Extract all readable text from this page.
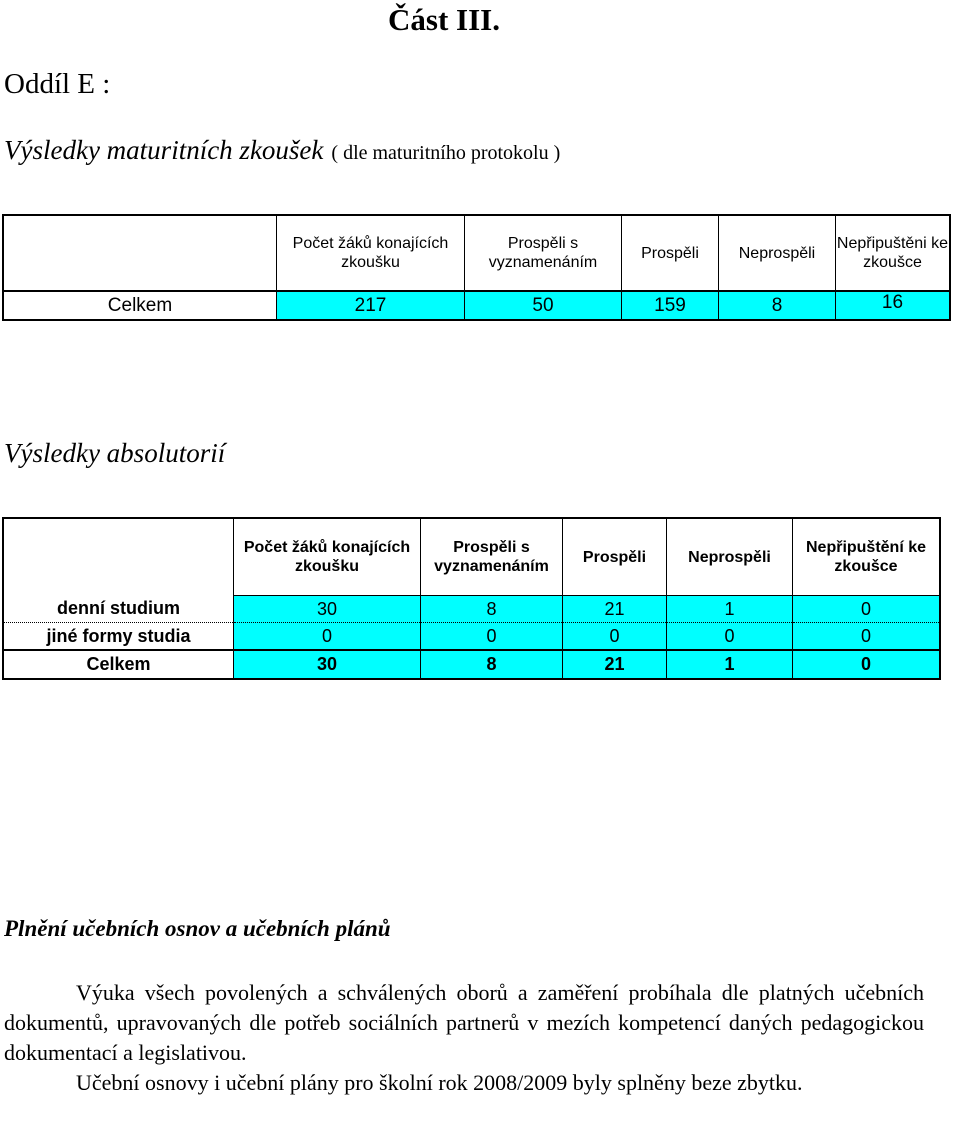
Část III.
Oddíl E :
Výsledky maturitních zkoušek ( dle maturitního protokolu )
	Počet žáků konajících zkoušku	Prospěli s vyznamenáním	Prospěli	Neprospěli	Nepřipuštěni ke zkoušce
Celkem	217	50	159	8	16
Výsledky absolutorií
	Počet žáků konajících zkoušku	Prospěli s vyznamenáním	Prospěli	Neprospěli	Nepřipuštění ke zkoušce
denní studium	30	8	21	1	0
jiné formy studia	0	0	0	0	0
Celkem	30	8	21	1	0
Plnění učebních osnov a učebních plánů
Výuka všech povolených a schválených oborů a zaměření probíhala dle platných učebních dokumentů, upravovaných dle potřeb sociálních partnerů v mezích kompetencí daných pedagogickou dokumentací a legislativou.
Učební osnovy i učební plány pro školní rok 2008/2009 byly splněny beze zbytku.
